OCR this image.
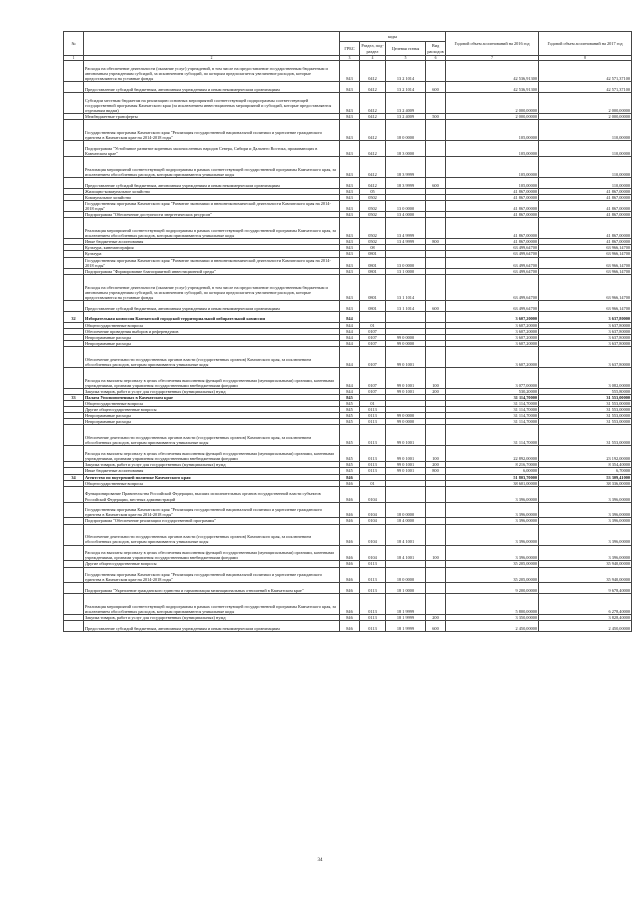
№		коды				Годовой объем ассигнований на 2016 год	Годовой объем ассигнований на 2017 год
		ГРБС	Раздел, под-раздел	Целевая статья	Вид расходов		
1	2	3	4	5	6	7	8
	Расходы на обеспечение деятельности (оказание услуг) учреждений, в том числе на предоставление государственным бюджетным и автономным учреждениям субсидий, за исключением субсидий, по которым предполагается увеличение расходов, которые предоставляются на уставные фонды	843	0412	13 2 1014		42 536,91300	42 571,37100
	Предоставление субсидий бюджетным, автономным учреждениям и иным некоммерческим организациям	843	0412	13 2 1014	600	42 536,91300	42 571,37100
	Субсидии местным бюджетам на реализацию основных мероприятий соответствующей подпрограммы соответствующей государственной программы Камчатского края (за исключением инвестиционных мероприятий и субсидий, которые предоставляются отдельным видам)	843	0412	13 2 4009		2 000,00000	2 000,00000
	Межбюджетные трансферты	843	0412	13 2 4009	500	2 000,00000	2 000,00000
	Государственная программа Камчатского края "Реализация государственной национальной политики и укрепление гражданского единства в Камчатском крае на 2014-2018 годы"	843	0412	18 0 0000		105,00000	110,00000
	Подпрограмма "Устойчивое развитие коренных малочисленных народов Севера, Сибири и Дальнего Востока, проживающих в Камчатском крае"	843	0412	18 3 0000		105,00000	110,00000
	Реализация мероприятий соответствующей подпрограммы в рамках соответствующей государственной программы Камчатского края, за исключением обособленных расходов, которым присваиваются уникальные коды	843	0412	18 3 9999		105,00000	110,00000
	Предоставление субсидий бюджетным, автономным учреждениям и иным некоммерческим организациям	843	0412	18 3 9999	600	105,00000	110,00000
	Жилищно-коммунальное хозяйство	843	05			41 867,00000	41 867,00000
	Коммунальное хозяйство	843	0502			41 867,00000	41 867,00000
	Государственная программа Камчатского края "Развитие экономики и внешнеэкономической деятельности Камчатского края на 2014-2018 годы"	843	0502	13 0 0000		41 867,00000	41 867,00000
	Подпрограмма "Обеспечение доступности энергетических ресурсов"	843	0502	13 4 0000		41 867,00000	41 867,00000
	Реализация мероприятий соответствующей подпрограммы в рамках соответствующей государственной программы Камчатского края, за исключением обособленных расходов, которым присваиваются уникальные коды	843	0502	13 4 9999		41 867,00000	41 867,00000
	Иные бюджетные ассигнования	843	0502	13 4 9999	800	41 867,00000	41 867,00000
	Культура, кинематография	843	08			63 499,64700	63 966,14700
	Культура	843	0801			63 499,64700	63 966,14700
	Государственная программа Камчатского края "Развитие экономики и внешнеэкономической деятельности Камчатского края на 2014-2018 годы"	843	0801	13 0 0000		63 499,64700	63 966,14700
	Подпрограмма "Формирование благоприятной инвестиционной среды"	843	0801	13 1 0000		63 499,64700	63 966,14700
	Расходы на обеспечение деятельности (оказание услуг) учреждений, в том числе на предоставление государственным бюджетным и автономным учреждениям субсидий, за исключением субсидий, по которым предполагается увеличение расходов, которые предоставляются на уставные фонды	843	0801	13 1 1014		63 499,64700	63 966,14700
	Предоставление субсидий бюджетным, автономным учреждениям и иным некоммерческим организациям	843	0801	13 1 1014	600	63 499,64700	63 966,14700
32	Избирательная комиссия Камчатской городской территориальной избирательной комиссии	844				3 607,20000	3 637,80000
	Общегосударственные вопросы	844	01			3 607,20000	3 637,80000
	Обеспечение проведения выборов и референдумов	844	0107			3 607,20000	3 637,80000
	Непрограммные расходы	844	0107	99 0 0000		3 607,20000	3 637,80000
	Непрограммные расходы	844	0107	99 0 0000		3 607,20000	3 637,80000
	Обеспечение деятельности государственных органов власти (государственных органов) Камчатского края, за исключением обособленных расходов, которым присваиваются уникальные коды	844	0107	99 0 1001		3 607,20000	3 637,80000
	Расходы на выплаты персоналу в целях обеспечения выполнения функций государственными (муниципальными) органами, казенными учреждениями, органами управления государственными внебюджетными фондами	844	0107	99 0 1001	100	3 077,00000	3 082,00000
	Закупка товаров, работ и услуг для государственных (муниципальных) нужд	844	0107	99 0 1001	200	530,20000	555,80000
33	Палата Уполномоченных в Камчатском крае	845				31 114,70000	31 553,00000
	Общегосударственные вопросы	845	01			31 114,70000	31 553,00000
	Другие общегосударственные вопросы	845	0113			31 114,70000	31 553,00000
	Непрограммные расходы	845	0113	99 0 0000		31 114,70000	31 553,00000
	Непрограммные расходы	845	0113	99 0 0000		31 114,70000	31 553,00000
	Обеспечение деятельности государственных органов власти (государственных органов) Камчатского края, за исключением обособленных расходов, которым присваиваются уникальные коды	845	0113	99 0 1001		31 114,70000	31 553,00000
	Расходы на выплаты персоналу в целях обеспечения выполнения функций государственными (муниципальными) органами, казенными учреждениями, органами управления государственными внебюджетными фондами	845	0113	99 0 1001	100	22 892,00000	23 192,00000
	Закупка товаров, работ и услуг для государственных (муниципальных) нужд	845	0113	99 0 1001	200	8 216,70000	8 354,40000
	Иные бюджетные ассигнования	845	0113	99 0 1001	800	6,00000	6,70000
34	Агентство по внутренней политике Камчатского края	846				51 803,70000	53 309,41000
	Общегосударственные вопросы	846	01			38 601,00000	38 336,00000
	Функционирование Правительства Российской Федерации, высших исполнительных органов государственной власти субъектов Российской Федерации, местных администраций	846	0104			3 396,00000	3 396,00000
	Государственная программа Камчатского края "Реализация государственной национальной политики и укрепление гражданского единства в Камчатском крае на 2014-2018 годы"	846	0104	18 0 0000		3 396,00000	3 396,00000
	Подпрограмма "Обеспечение реализации государственной программы"	846	0104	18 4 0000		3 396,00000	3 396,00000
	Обеспечение деятельности государственных органов власти (государственных органов) Камчатского края, за исключением обособленных расходов, которым присваиваются уникальные коды	846	0104	18 4 1001		3 396,00000	3 396,00000
	Расходы на выплаты персоналу в целях обеспечения выполнения функций государственными (муниципальными) органами, казенными учреждениями, органами управления государственными внебюджетными фондами	846	0104	18 4 1001	100	3 396,00000	3 396,00000
	Другие общегосударственные вопросы	846	0113			35 205,00000	35 940,00000
	Государственная программа Камчатского края "Реализация государственной национальной политики и укрепление гражданского единства в Камчатском крае на 2014-2018 годы"	846	0113	18 0 0000		35 205,00000	35 940,00000
	Подпрограмма "Укрепление гражданского единства и гармонизация межнациональных отношений в Камчатском крае"	846	0113	18 1 0000		9 200,00000	9 678,40000
	Реализация мероприятий соответствующей подпрограммы в рамках соответствующей государственной программы Камчатского края, за исключением обособленных расходов, которым присваиваются уникальные коды	846	0113	18 1 9999		5 800,00000	6 278,40000
	Закупка товаров, работ и услуг для государственных (муниципальных) нужд	846	0113	18 1 9999	200	3 350,00000	3 828,40000
	Предоставление субсидий бюджетным, автономным учреждениям и иным некоммерческим организациям	846	0113	18 1 9999	600	2 450,00000	2 450,00000
34
